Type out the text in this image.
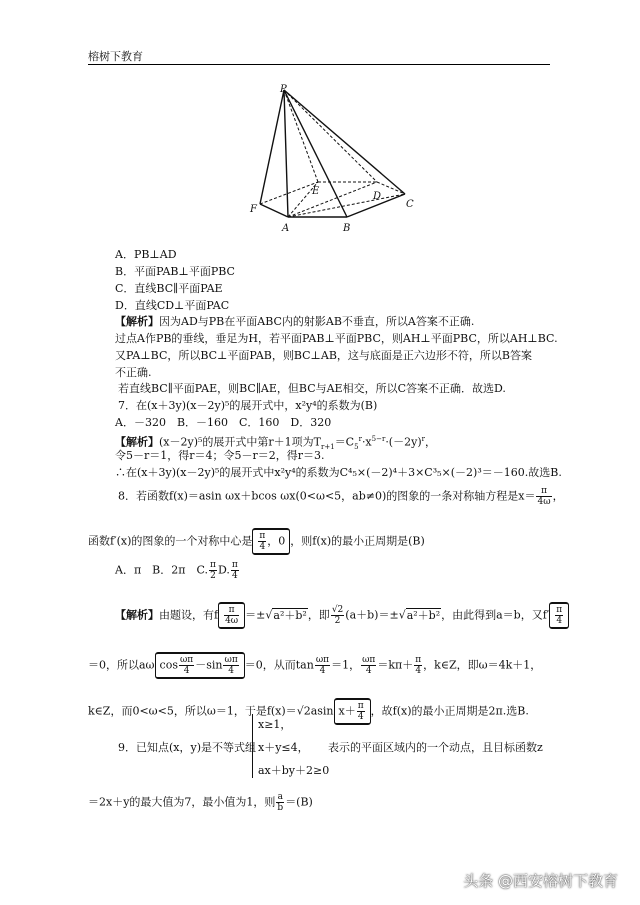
榕树下教育
P
F
E	D
C
A	B
A．PB⊥AD
B．平面PAB⊥平面PBC
C．直线BC∥平面PAE
D．直线CD⊥平面PAC
【解析】因为AD与PB在平面ABC内的射影AB不垂直，所以A答案不正确.
过点A作PB的垂线，垂足为H，若平面PAB⊥平面PBC，则AH⊥平面PBC，所以AH⊥BC.
又PA⊥BC，所以BC⊥平面PAB，则BC⊥AB，这与底面是正六边形不符，所以B答案
不正确.
若直线BC∥平面PAE，则BC∥AE，但BC与AE相交，所以C答案不正确．故选D.
7．在(x＋3y)(x－2y)⁵的展开式中，x²y⁴的系数为(B)
A．－320　B．－160　C．160　D．320
【解析】(x－2y)⁵的展开式中第r＋1项为$T_{r+1}=C_5^r\cdot x^{5-r}\cdot(-2y)^r$，
令5－r＝1，得r＝4；令5－r＝2，得r＝3.
∴在(x＋3y)(x－2y)⁵的展开式中x²y⁴的系数为C⁴₅×(－2)⁴＋3×C³₅×(－2)³＝－160.故选B.
8．若函数f(x)＝asin ωx＋bcos ωx(0<ω<5，ab≠0)的图象的一条对称轴方程是$x= \frac{\pi}{4\omega}$ ，
函数f′(x)的图象的一个对称中心是 $\frac{\pi}{4}$ ，0 ，则f(x)的最小正周期是(B)
A．π　B．2π　C. $\frac{\pi}{2} D$. $\frac{\pi}{4}$
【解析】由题设，有f $\frac{\pi}{4\omega} =\pm√a^2+b^2$，即 $\frac{√2}{2} (a+b)=\pm√a^2+b^2$，由此得到a＝b，又$f' \frac{\pi}{4}$
＝0，所以aω $\cos \frac{\omega\pi}{4} -\sin \frac{\omega\pi}{4} =0$，从而$\tan \frac{\omega\pi}{4} =1$， $\frac{\omega\pi}{4} =k\pi+ \frac{\pi}{4}$ ，k∈Z，即ω＝4k＋1，
k∈Z，而0<ω<5，所以ω＝1，于是f(x)＝√2asin $x+ \frac{\pi}{4}$ ，故f(x)的最小正周期是2π.选B.
9．已知点(x，y)是不等式组
x≥1，
x＋y≤4，
ax＋by＋2≥0
表示的平面区域内的一个动点，且目标函数z
＝2x＋y的最大值为7，最小值为1，则 $\frac{a}{b} =(B)$
头条 @西安榕树下教育
